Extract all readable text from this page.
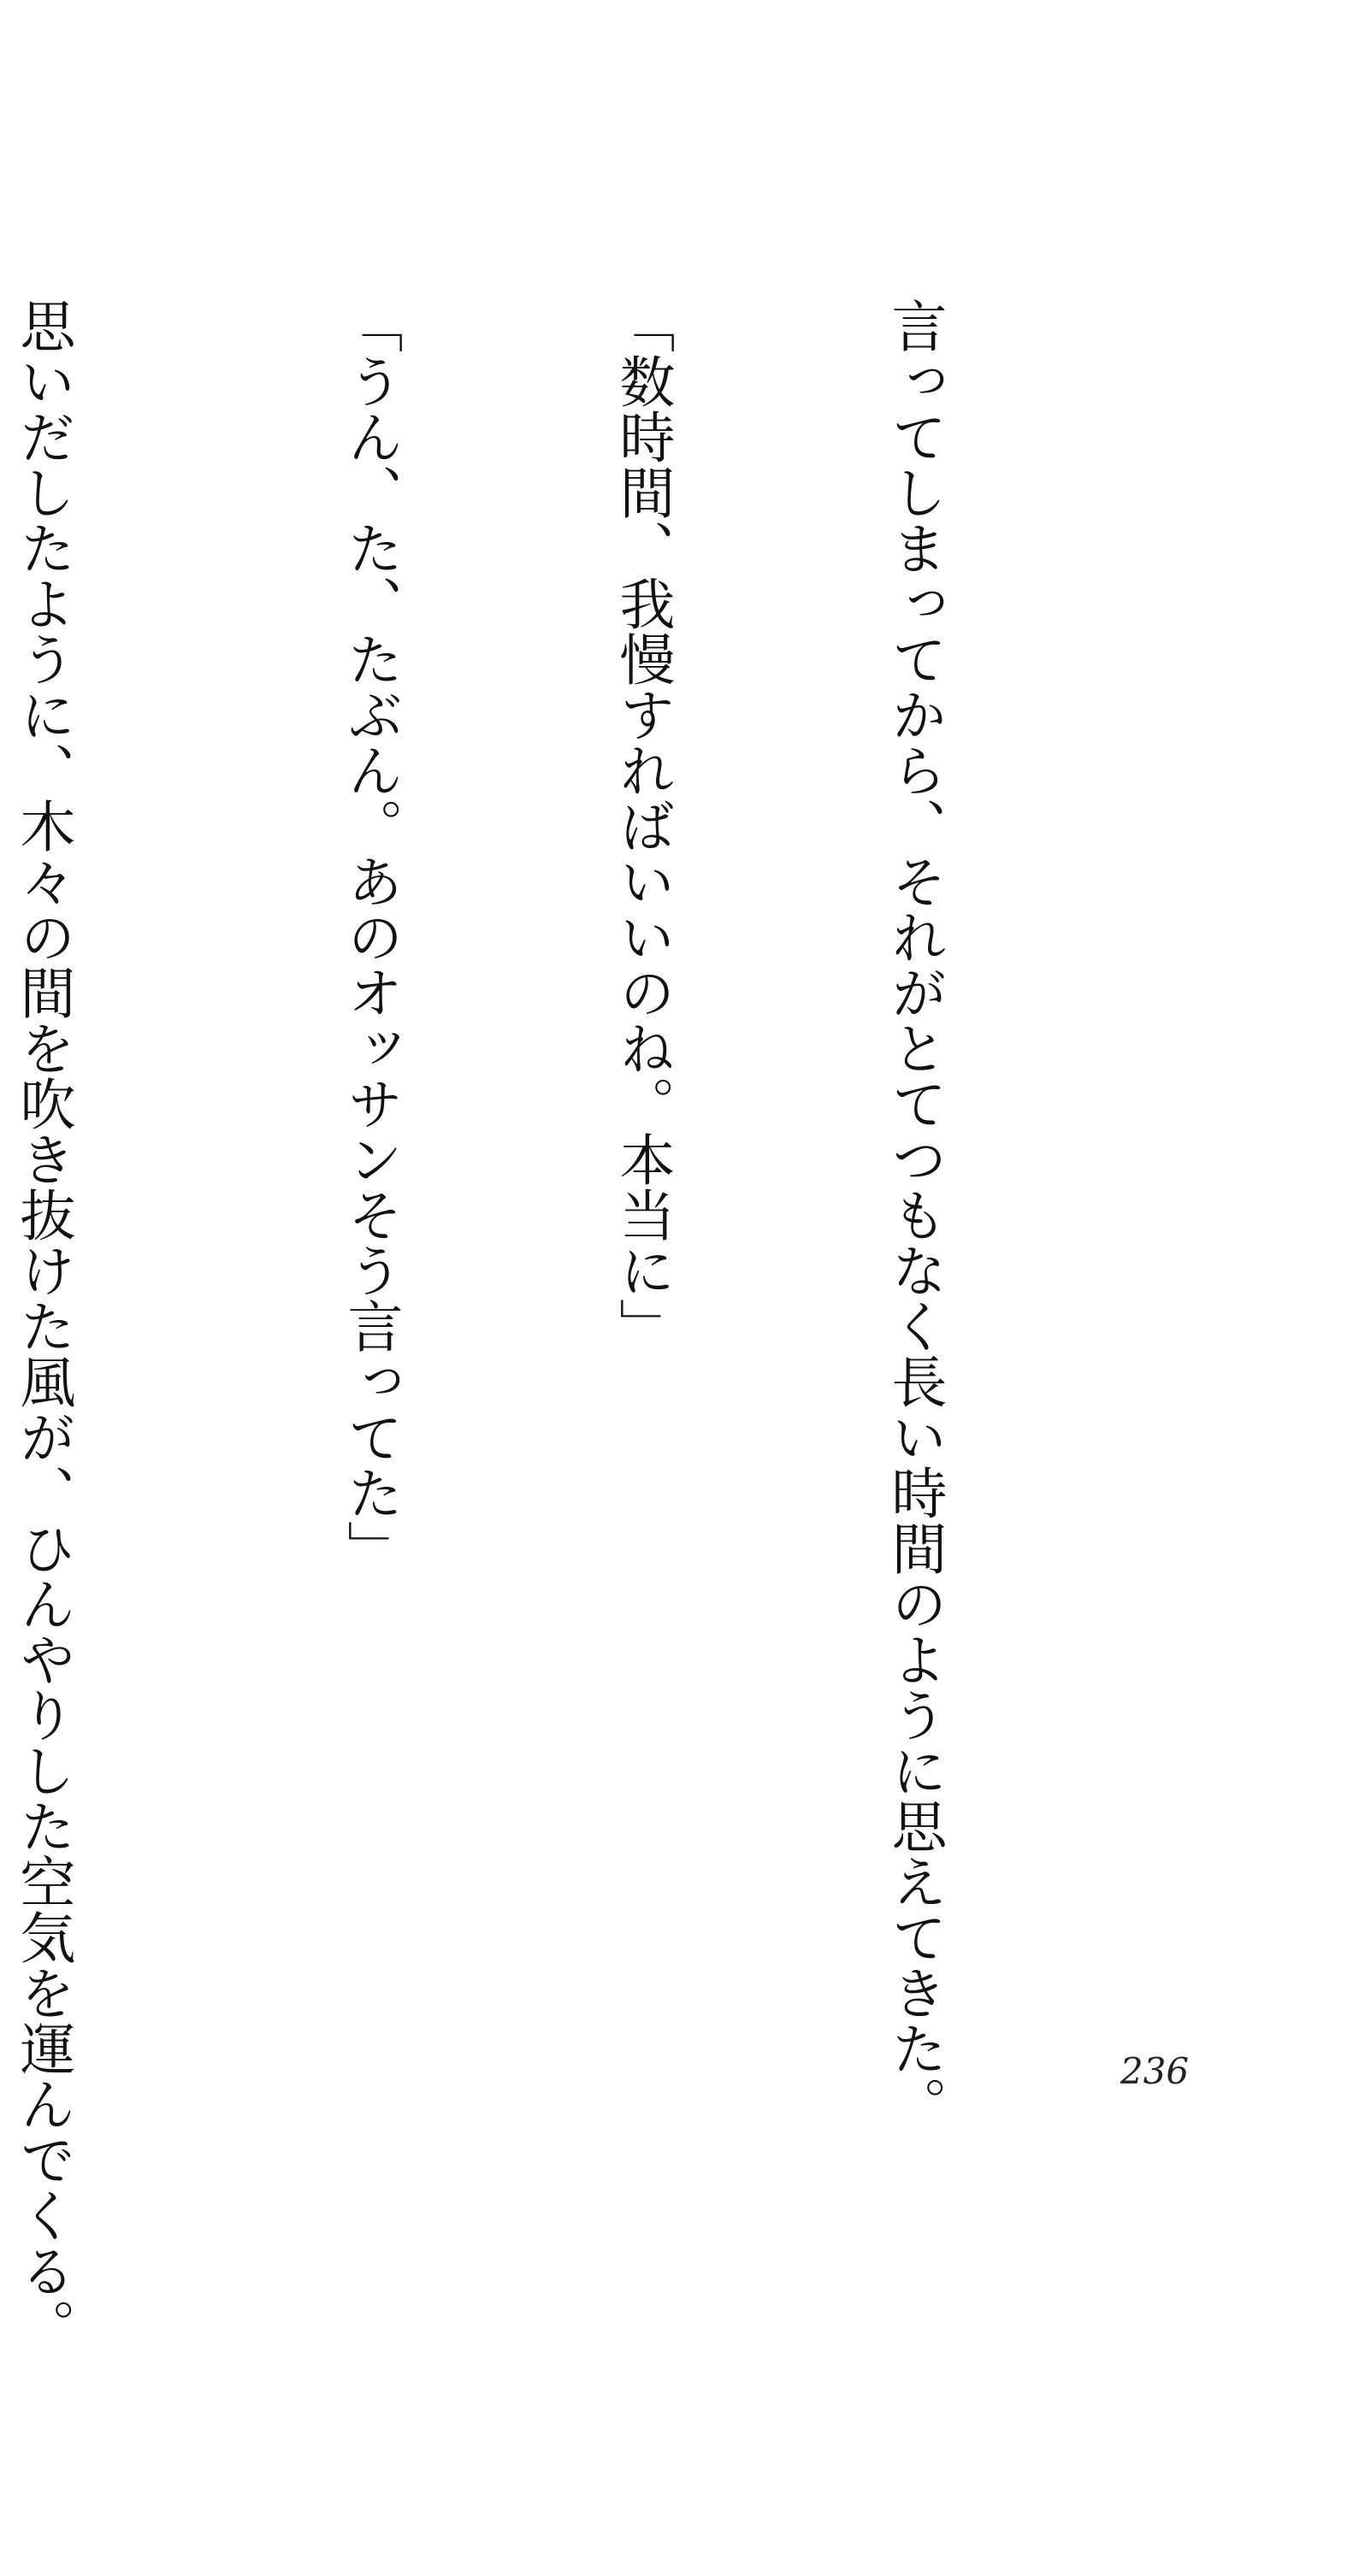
言ってしまってから、それがとてつもなく長い時間のように思えてきた。

「数時間、我慢すればいいのね。本当に」

「うん、た、たぶん。あのオッサンそう言ってた」

思いだしたように、木々の間を吹き抜けた風が、ひんやりした空気を運んでくる。

	236
